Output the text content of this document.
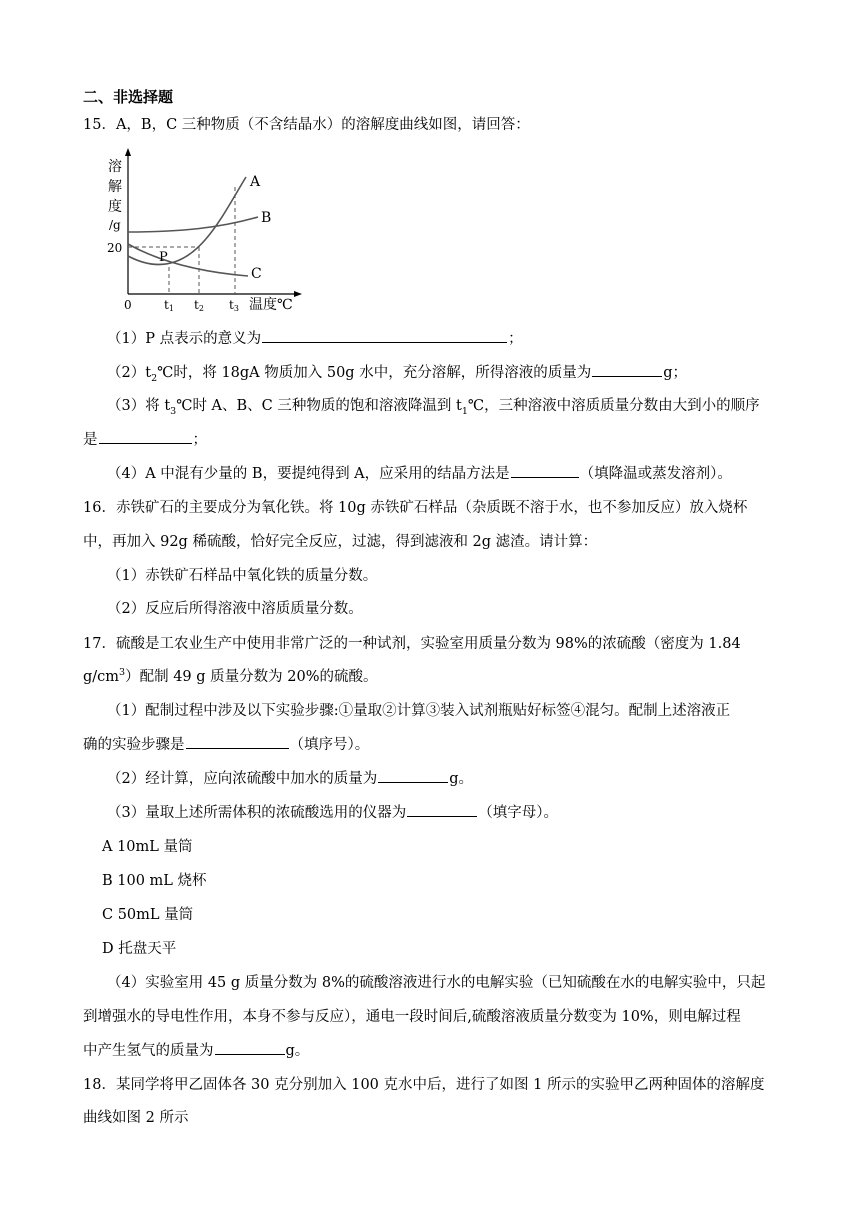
二、非选择题
15．A，B，C 三种物质（不含结晶水）的溶解度曲线如图，请回答：
溶
解
度
/g
20
0
P
A
B
C
t1 t2 t3 温度℃
（1）P 点表示的意义为	；
$(2)t_2℃$时，将 18gA 物质加入 50g 水中，充分溶解，所得溶液的质量为	g；
（3）将 $t_3℃$时 A、B、C 三种物质的饱和溶液降温到 $t_1℃$，三种溶液中溶质质量分数由大到小的顺序
是	；
（4）A 中混有少量的 B，要提纯得到 A，应采用的结晶方法是	（填降温或蒸发溶剂）。
16．赤铁矿石的主要成分为氧化铁。将 10g 赤铁矿石样品（杂质既不溶于水，也不参加反应）放入烧杯
中，再加入 92g 稀硫酸，恰好完全反应，过滤，得到滤液和 2g 滤渣。请计算：
（1）赤铁矿石样品中氧化铁的质量分数。
（2）反应后所得溶液中溶质质量分数。
17．硫酸是工农业生产中使用非常广泛的一种试剂，实验室用质量分数为 98%的浓硫酸（密度为 1.84
$g/cm^3$）配制 49 g 质量分数为 20%的硫酸。
（1）配制过程中涉及以下实验步骤:①量取②计算③装入试剂瓶贴好标签④混匀。配制上述溶液正
确的实验步骤是	（填序号）。
（2）经计算，应向浓硫酸中加水的质量为	g。
（3）量取上述所需体积的浓硫酸选用的仪器为	（填字母）。
A 10mL 量筒
B 100 mL 烧杯
C 50mL 量筒
D 托盘天平
（4）实验室用 45 g 质量分数为 8%的硫酸溶液进行水的电解实验（已知硫酸在水的电解实验中，只起
到增强水的导电性作用，本身不参与反应），通电一段时间后,硫酸溶液质量分数变为 10%，则电解过程
中产生氢气的质量为	g。
18．某同学将甲乙固体各 30 克分别加入 100 克水中后，进行了如图 1 所示的实验甲乙两种固体的溶解度
曲线如图 2 所示
